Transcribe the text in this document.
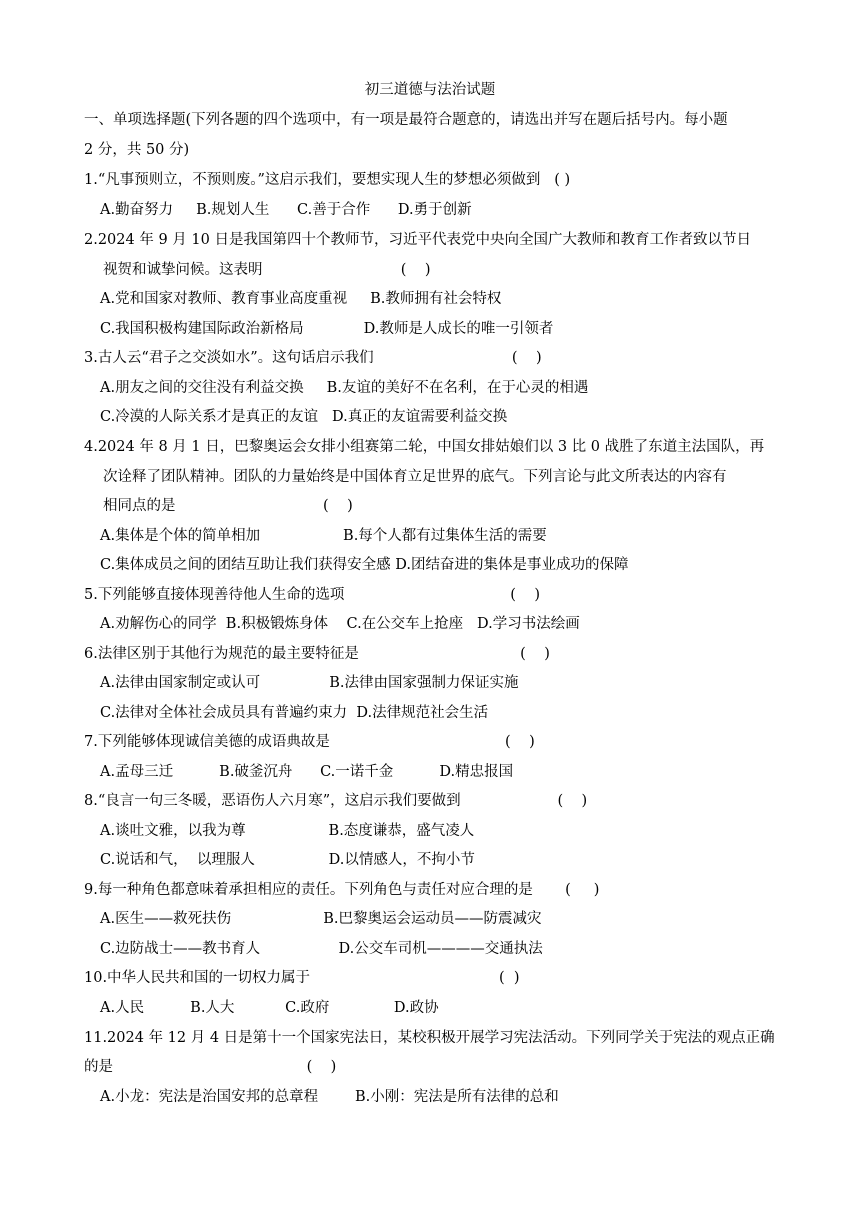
初三道德与法治试题
一、单项选择题(下列各题的四个选项中，有一项是最符合题意的，请选出并写在题后括号内。每小题
2 分，共 50 分)
1.“凡事预则立，不预则废。”这启示我们，要想实现人生的梦想必须做到   ( )
A.勤奋努力     B.规划人生      C.善于合作      D.勇于创新
2.2024 年 9 月 10 日是我国第四十个教师节，习近平代表党中央向全国广大教师和教育工作者致以节日
视贺和诚挚问候。这表明                              (    )
A.党和国家对教师、教育事业高度重视     B.教师拥有社会特权
C.我国积极构建国际政治新格局             D.教师是人成长的唯一引领者
3.古人云“君子之交淡如水”。这句话启示我们                              (    )
A.朋友之间的交往没有利益交换     B.友谊的美好不在名利，在于心灵的相遇
C.冷漠的人际关系才是真正的友谊   D.真正的友谊需要利益交换
4.2024 年 8 月 1 日，巴黎奥运会女排小组赛第二轮，中国女排姑娘们以 3 比 0 战胜了东道主法国队，再
次诠释了团队精神。团队的力量始终是中国体育立足世界的底气。下列言论与此文所表达的内容有
相同点的是                                (    )
A.集体是个体的简单相加                  B.每个人都有过集体生活的需要
C.集体成员之间的团结互助让我们获得安全感 D.团结奋进的集体是事业成功的保障
5.下列能够直接体现善待他人生命的选项                                    (    )
A.劝解伤心的同学  B.积极锻炼身体    C.在公交车上抢座   D.学习书法绘画
6.法律区别于其他行为规范的最主要特征是                                   (    )
A.法律由国家制定或认可               B.法律由国家强制力保证实施
C.法律对全体社会成员具有普遍约束力  D.法律规范社会生活
7.下列能够体现诚信美德的成语典故是                                      (    )
A.孟母三迁          B.破釜沉舟      C.一诺千金          D.精忠报国
8.“良言一句三冬暖，恶语伤人六月寒”，这启示我们要做到                     (    )
A.谈吐文雅，以我为尊                  B.态度谦恭，盛气凌人
C.说话和气，  以理服人                D.以情感人，不拘小节
9.每一种角色都意味着承担相应的责任。下列角色与责任对应合理的是       (     )
A.医生——救死扶伤                    B.巴黎奥运会运动员——防震减灾
C.边防战士——教书育人                 D.公交车司机————交通执法
10.中华人民共和国的一切权力属于                                         (  )
A.人民          B.人大           C.政府              D.政协
11.2024 年 12 月 4 日是第十一个国家宪法日，某校积极开展学习宪法活动。下列同学关于宪法的观点正确
的是                                          (    )
A.小龙：宪法是治国安邦的总章程        B.小刚：宪法是所有法律的总和
